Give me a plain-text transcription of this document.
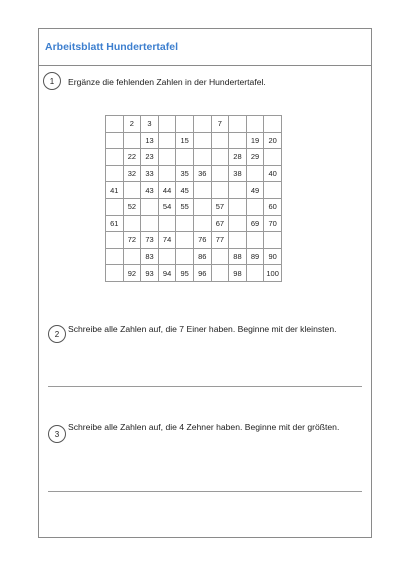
Arbeitsblatt Hundertertafel
1	Ergänze die fehlenden Zahlen in der Hundertertafel.
	2	3				7			
		13		15				19	20
	22	23					28	29	
	32	33		35	36		38		40
41		43	44	45				49	
	52		54	55		57			60
61						67		69	70
	72	73	74		76	77			
		83			86		88	89	90
	92	93	94	95	96		98		100
2	Schreibe alle Zahlen auf, die 7 Einer haben. Beginne mit der kleinsten.
3
Schreibe alle Zahlen auf, die 4 Zehner haben. Beginne mit der größten.
